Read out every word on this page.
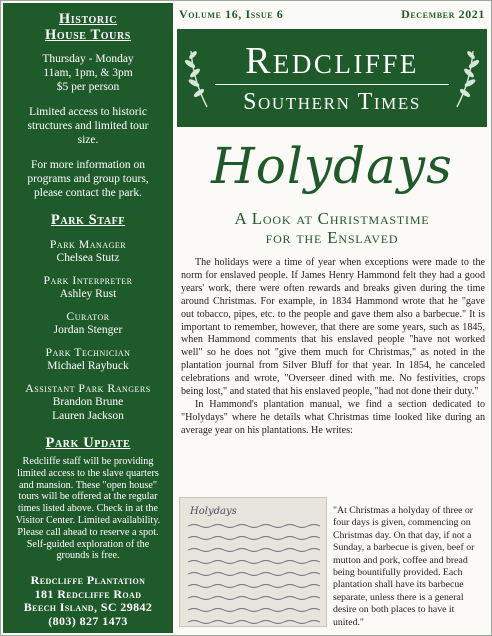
Historic
House Tours
Thursday - Monday
11am, 1pm, & 3pm
$5 per person
Limited access to historic
structures and limited tour
size.
For more information on
programs and group tours,
please contact the park.
Park Staff
Park Manager
Chelsea Stutz
Park Interpreter
Ashley Rust
Curator
Jordan Stenger
Park Technician
Michael Raybuck
Assistant Park Rangers
Brandon Brune
Lauren Jackson
Park Update
Redcliffe staff will be providing
limited access to the slave quarters
and mansion. These "open house"
tours will be offered at the regular
times listed above. Check in at the
Visitor Center. Limited availability.
Please call ahead to reserve a spot.
Self-guided exploration of the
grounds is free.
Redcliffe Plantation
181 Redcliffe Road
Beech Island, SC 29842
(803) 827 1473
Volume 16, Issue 6	December 2021
Redcliffe
Southern Times
Holydays
A Look at Christmastime
for the Enslaved

The holidays were a time of year when exceptions were made to the norm for enslaved people. If James Henry Hammond felt they had a good years' work, there were often rewards and breaks given during the time around Christmas. For example, in 1834 Hammond wrote that he "gave out tobacco, pipes, etc. to the people and gave them also a barbecue." It is important to remember, however, that there are some years, such as 1845, when Hammond comments that his enslaved people "have not worked well" so he does not "give them much for Christmas," as noted in the plantation journal from Silver Bluff for that year. In 1854, he canceled celebrations and wrote, "Overseer dined with me. No festivities, crops being lost," and stated that his enslaved people, "had not done their duty."

In Hammond's plantation manual, we find a section dedicated to "Holydays" where he details what Christmas time looked like during an average year on his plantations. He writes:

Holydays	"At Christmas a holyday of three or four days is given, commencing on Christmas day. On that day, if not a Sunday, a barbecue is given, beef or mutton and pork, coffee and bread being bountifully provided. Each plantation shall have its barbecue separate, unless there is a general desire on both places to have it united."
